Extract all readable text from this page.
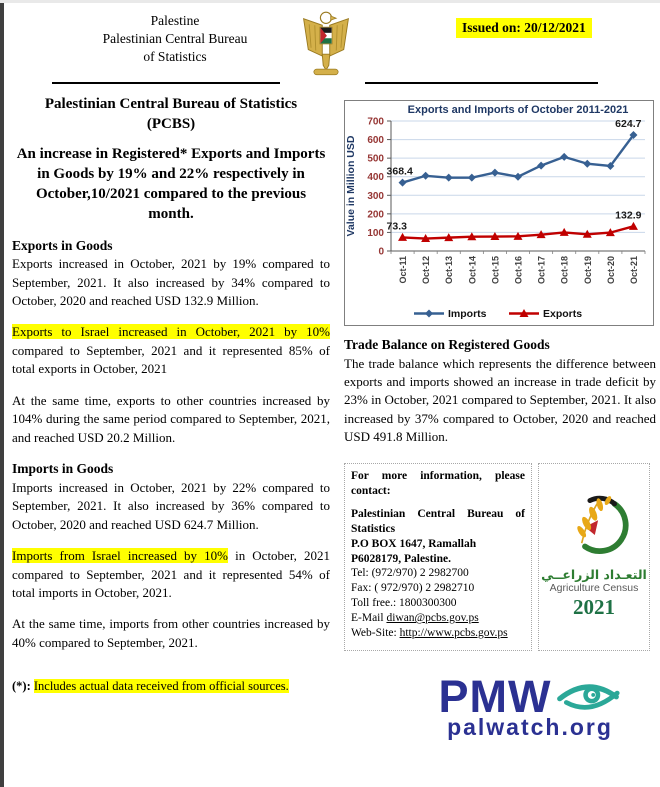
Palestine
Palestinian Central Bureau
of Statistics
Issued on: 20/12/2021
Palestinian Central Bureau of Statistics
(PCBS)
An increase in Registered* Exports and Imports in Goods by 19% and 22% respectively in October,10/2021 compared to the previous month.
Exports in Goods

Exports increased in October, 2021 by 19% compared to September, 2021. It also increased by 34% compared to October, 2020 and reached USD 132.9 Million.

Exports to Israel increased in October, 2021 by 10% compared to September, 2021 and it represented 85% of total exports in October, 2021

At the same time, exports to other countries increased by 104% during the same period compared to September, 2021, and reached USD 20.2 Million.

Imports in Goods

Imports increased in October, 2021 by 22% compared to September, 2021. It also increased by 36% compared to October, 2020 and reached USD 624.7 Million.

Imports from Israel increased by 10% in October, 2021 compared to September, 2021 and it represented 54% of total imports in October, 2021.

At the same time, imports from other countries increased by 40% compared to September, 2021.

(*): Includes actual data received from official sources.
0
100
200
300
400
500
600
700
Exports and Imports of October 2011-2021
Value in Million USD
Oct-11 Oct-12 Oct-13 Oct-14 Oct-15 Oct-16 Oct-17 Oct-18 Oct-19 Oct-20 Oct-21
368.4
624.7
73.3
132.9
Imports	Exports
Trade Balance on Registered Goods

The trade balance which represents the difference between exports and imports showed an increase in trade deficit by 23% in October, 2021 compared to September, 2021. It also increased by 37% compared to October, 2020 and reached USD 491.8 Million.

For more information, please contact:
Palestinian Central Bureau of Statistics
P.O BOX 1647, Ramallah
P6028179, Palestine.
Tel: (972/970) 2 2982700
Fax: ( 972/970) 2 2982710
Toll free.: 1800300300
E-Mail diwan@pcbs.gov.ps
Web-Site: http://www.pcbs.gov.ps
التعـداد الزراعــي
Agriculture Census
2021
PMW
palwatch.org
